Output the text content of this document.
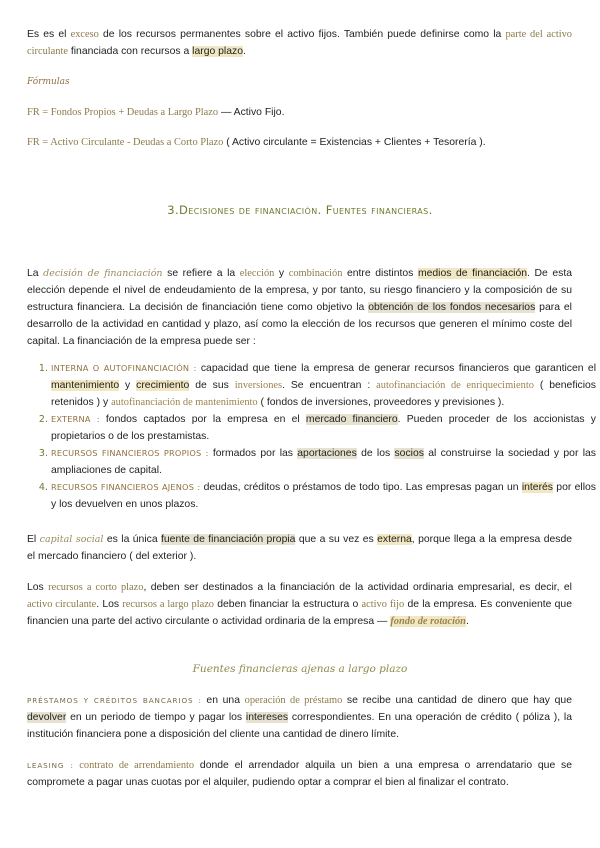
Es es el exceso de los recursos permanentes sobre el activo fijos. También puede definirse como la parte del activo circulante financiada con recursos a largo plazo.

Fórmulas

FR = Fondos Propios + Deudas a Largo Plazo — Activo Fijo.

FR = Activo Circulante - Deudas a Corto Plazo ( Activo circulante = Existencias + Clientes + Tesorería ).

3.Decisiones de financiación. Fuentes financieras.

La decisión de financiación se refiere a la elección y combinación entre distintos medios de financiación. De esta elección depende el nivel de endeudamiento de la empresa, y por tanto, su riesgo financiero y la composición de su estructura financiera. La decisión de financiación tiene como objetivo la obtención de los fondos necesarios para el desarrollo de la actividad en cantidad y plazo, así como la elección de los recursos que generen el mínimo coste del capital. La financiación de la empresa puede ser :

1. INTERNA O AUTOFINANCIACIÓN : capacidad que tiene la empresa de generar recursos financieros que garanticen el mantenimiento y crecimiento de sus inversiones. Se encuentran : autofinanciación de enriquecimiento ( beneficios retenidos ) y autofinanciación de mantenimiento ( fondos de inversiones, proveedores y previsiones ).
2. EXTERNA : fondos captados por la empresa en el mercado financiero. Pueden proceder de los accionistas y propietarios o de los prestamistas.
3. RECURSOS FINANCIEROS PROPIOS : formados por las aportaciones de los socios al construirse la sociedad y por las ampliaciones de capital.
4. RECURSOS FINANCIEROS AJENOS : deudas, créditos o préstamos de todo tipo. Las empresas pagan un interés por ellos y los devuelven en unos plazos.

El capital social es la única fuente de financiación propia que a su vez es externa, porque llega a la empresa desde el mercado financiero ( del exterior ).

Los recursos a corto plazo, deben ser destinados a la financiación de la actividad ordinaria empresarial, es decir, el activo circulante. Los recursos a largo plazo deben financiar la estructura o activo fijo de la empresa. Es conveniente que financien una parte del activo circulante o actividad ordinaria de la empresa — fondo de rotación.

Fuentes financieras ajenas a largo plazo

PRÉSTAMOS Y CRÉDITOS BANCARIOS : en una operación de préstamo se recibe una cantidad de dinero que hay que devolver en un periodo de tiempo y pagar los intereses correspondientes. En una operación de crédito ( póliza ), la institución financiera pone a disposición del cliente una cantidad de dinero límite.

LEASING : contrato de arrendamiento donde el arrendador alquila un bien a una empresa o arrendatario que se compromete a pagar unas cuotas por el alquiler, pudiendo optar a comprar el bien al finalizar el contrato.
